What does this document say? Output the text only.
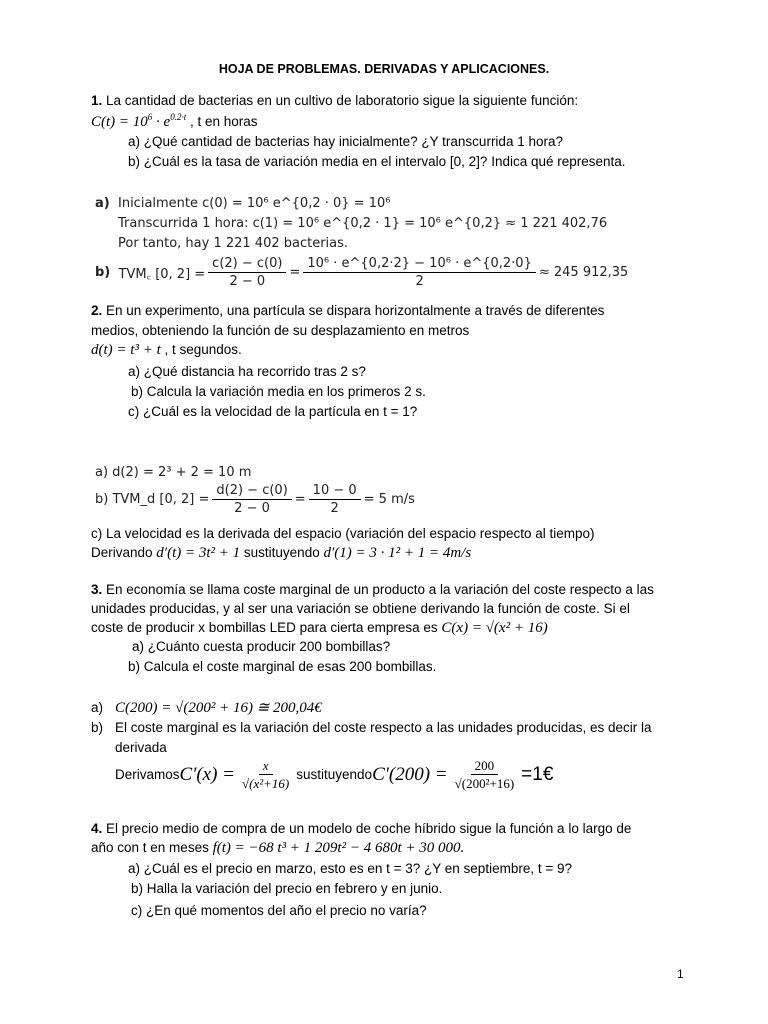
HOJA DE PROBLEMAS. DERIVADAS Y APLICACIONES.
1. La cantidad de bacterias en un cultivo de laboratorio sigue la siguiente función:
$C(t) = 10^6 \cdot e^{0.2\cdot t}$ , t en horas
a) ¿Qué cantidad de bacterias hay inicialmente? ¿Y transcurrida 1 hora?
b) ¿Cuál es la tasa de variación media en el intervalo [0, 2]? Indica qué representa.
a) Inicialmente c(0) = 10⁶ e^{0,2 · 0} = 10⁶
Transcurrida 1 hora: c(1) = 10⁶ e^{0,2 · 1} = 10⁶ e^{0,2} ≈ 1 221 402,76
Por tanto, hay 1 221 402 bacterias.
b)
TVM꜀ [0, $2] = \frac{c(2) - c(0)}{2 - 0} = \frac{\text{10⁶ · e\textasciicircum{}\{0,2·2\} − 10⁶ · e\textasciicircum{}\{0,2·0\}}}{2} \approx 245$ 912,35
2. En un experimento, una partícula se dispara horizontalmente a través de diferentes
medios, obteniendo la función de su desplazamiento en metros
d(t) = t³ + t , t segundos.
a) ¿Qué distancia ha recorrido tras 2 s?
b) Calcula la variación media en los primeros 2 s.
c) ¿Cuál es la velocidad de la partícula en t = 1?
a) d(2) = 2³ + 2 = 10 m
b) TVM_d [0, $2] = \frac{d(2) - c(0)}{2 - 0} = \frac{10 - 0}{2} = 5$ m/s
c) La velocidad es la derivada del espacio (variación del espacio respecto al tiempo)
Derivando d′(t) = 3t² + 1 sustituyendo d′(1) = 3 · 1² + 1 = 4m/s
3. En economía se llama coste marginal de un producto a la variación del coste respecto a las
unidades producidas, y al ser una variación se obtiene derivando la función de coste. Si el
coste de producir x bombillas LED para cierta empresa es C(x) = √(x² + 16)
a) ¿Cuánto cuesta producir 200 bombillas?
b) Calcula el coste marginal de esas 200 bombillas.
a) C(200) = √(200² + 16) ≅ 200,04€
b) El coste marginal es la variación del coste respecto a las unidades producidas, es decir la
derivada
Derivamos $C'(x) = \frac{x}{\text{√(x²+16)}}$ sustituyendo $C'(200) = \frac{200}{\text{√(200²+16)}}$ =1€
4. El precio medio de compra de un modelo de coche híbrido sigue la función a lo largo de
año con t en meses f(t) = −68 t³ + 1 209t² − 4 680t + 30 000.
a) ¿Cuál es el precio en marzo, esto es en t = 3? ¿Y en septiembre, t = 9?
b) Halla la variación del precio en febrero y en junio.
c) ¿En qué momentos del año el precio no varía?
1
